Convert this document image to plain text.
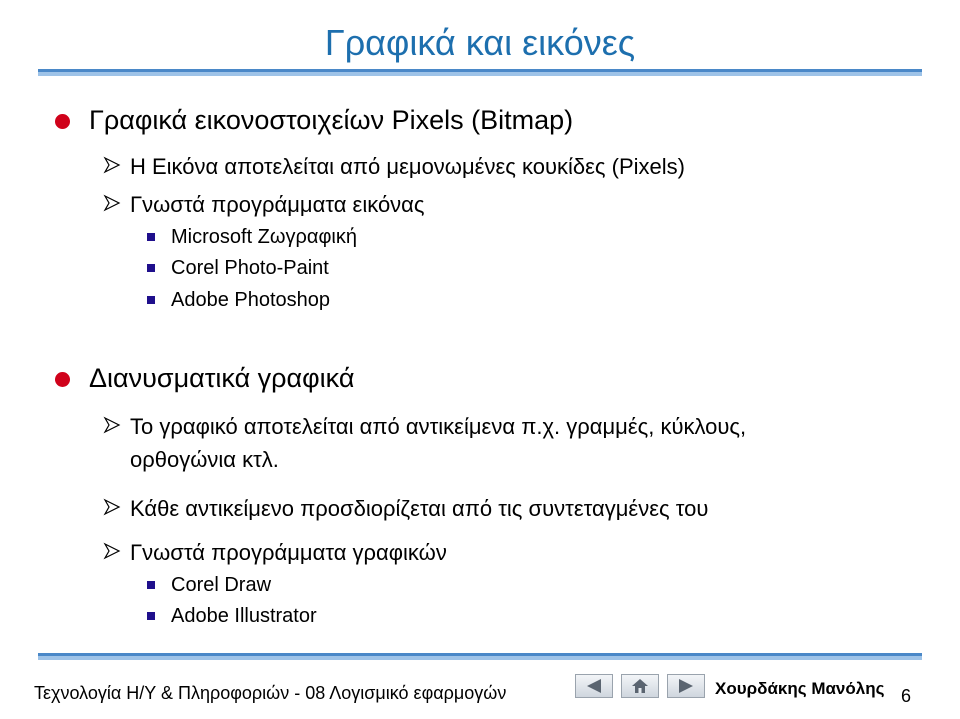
Γραφικά και εικόνες
Γραφικά εικονοστοιχείων Pixels (Bitmap)
Η Εικόνα αποτελείται από μεμονωμένες κουκίδες (Pixels)
Γνωστά προγράμματα εικόνας
Microsoft Ζωγραφική
Corel Photo-Paint
Adobe Photoshop
Διανυσματικά γραφικά
Το γραφικό αποτελείται από αντικείμενα π.χ. γραμμές, κύκλους, ορθογώνια κτλ.
Κάθε αντικείμενο προσδιορίζεται από τις συντεταγμένες του
Γνωστά προγράμματα γραφικών
Corel Draw
Adobe Illustrator
Τεχνολογία Η/Υ & Πληροφοριών - 08 Λογισμικό εφαρμογών	Χουρδάκης Μανόλης 6
